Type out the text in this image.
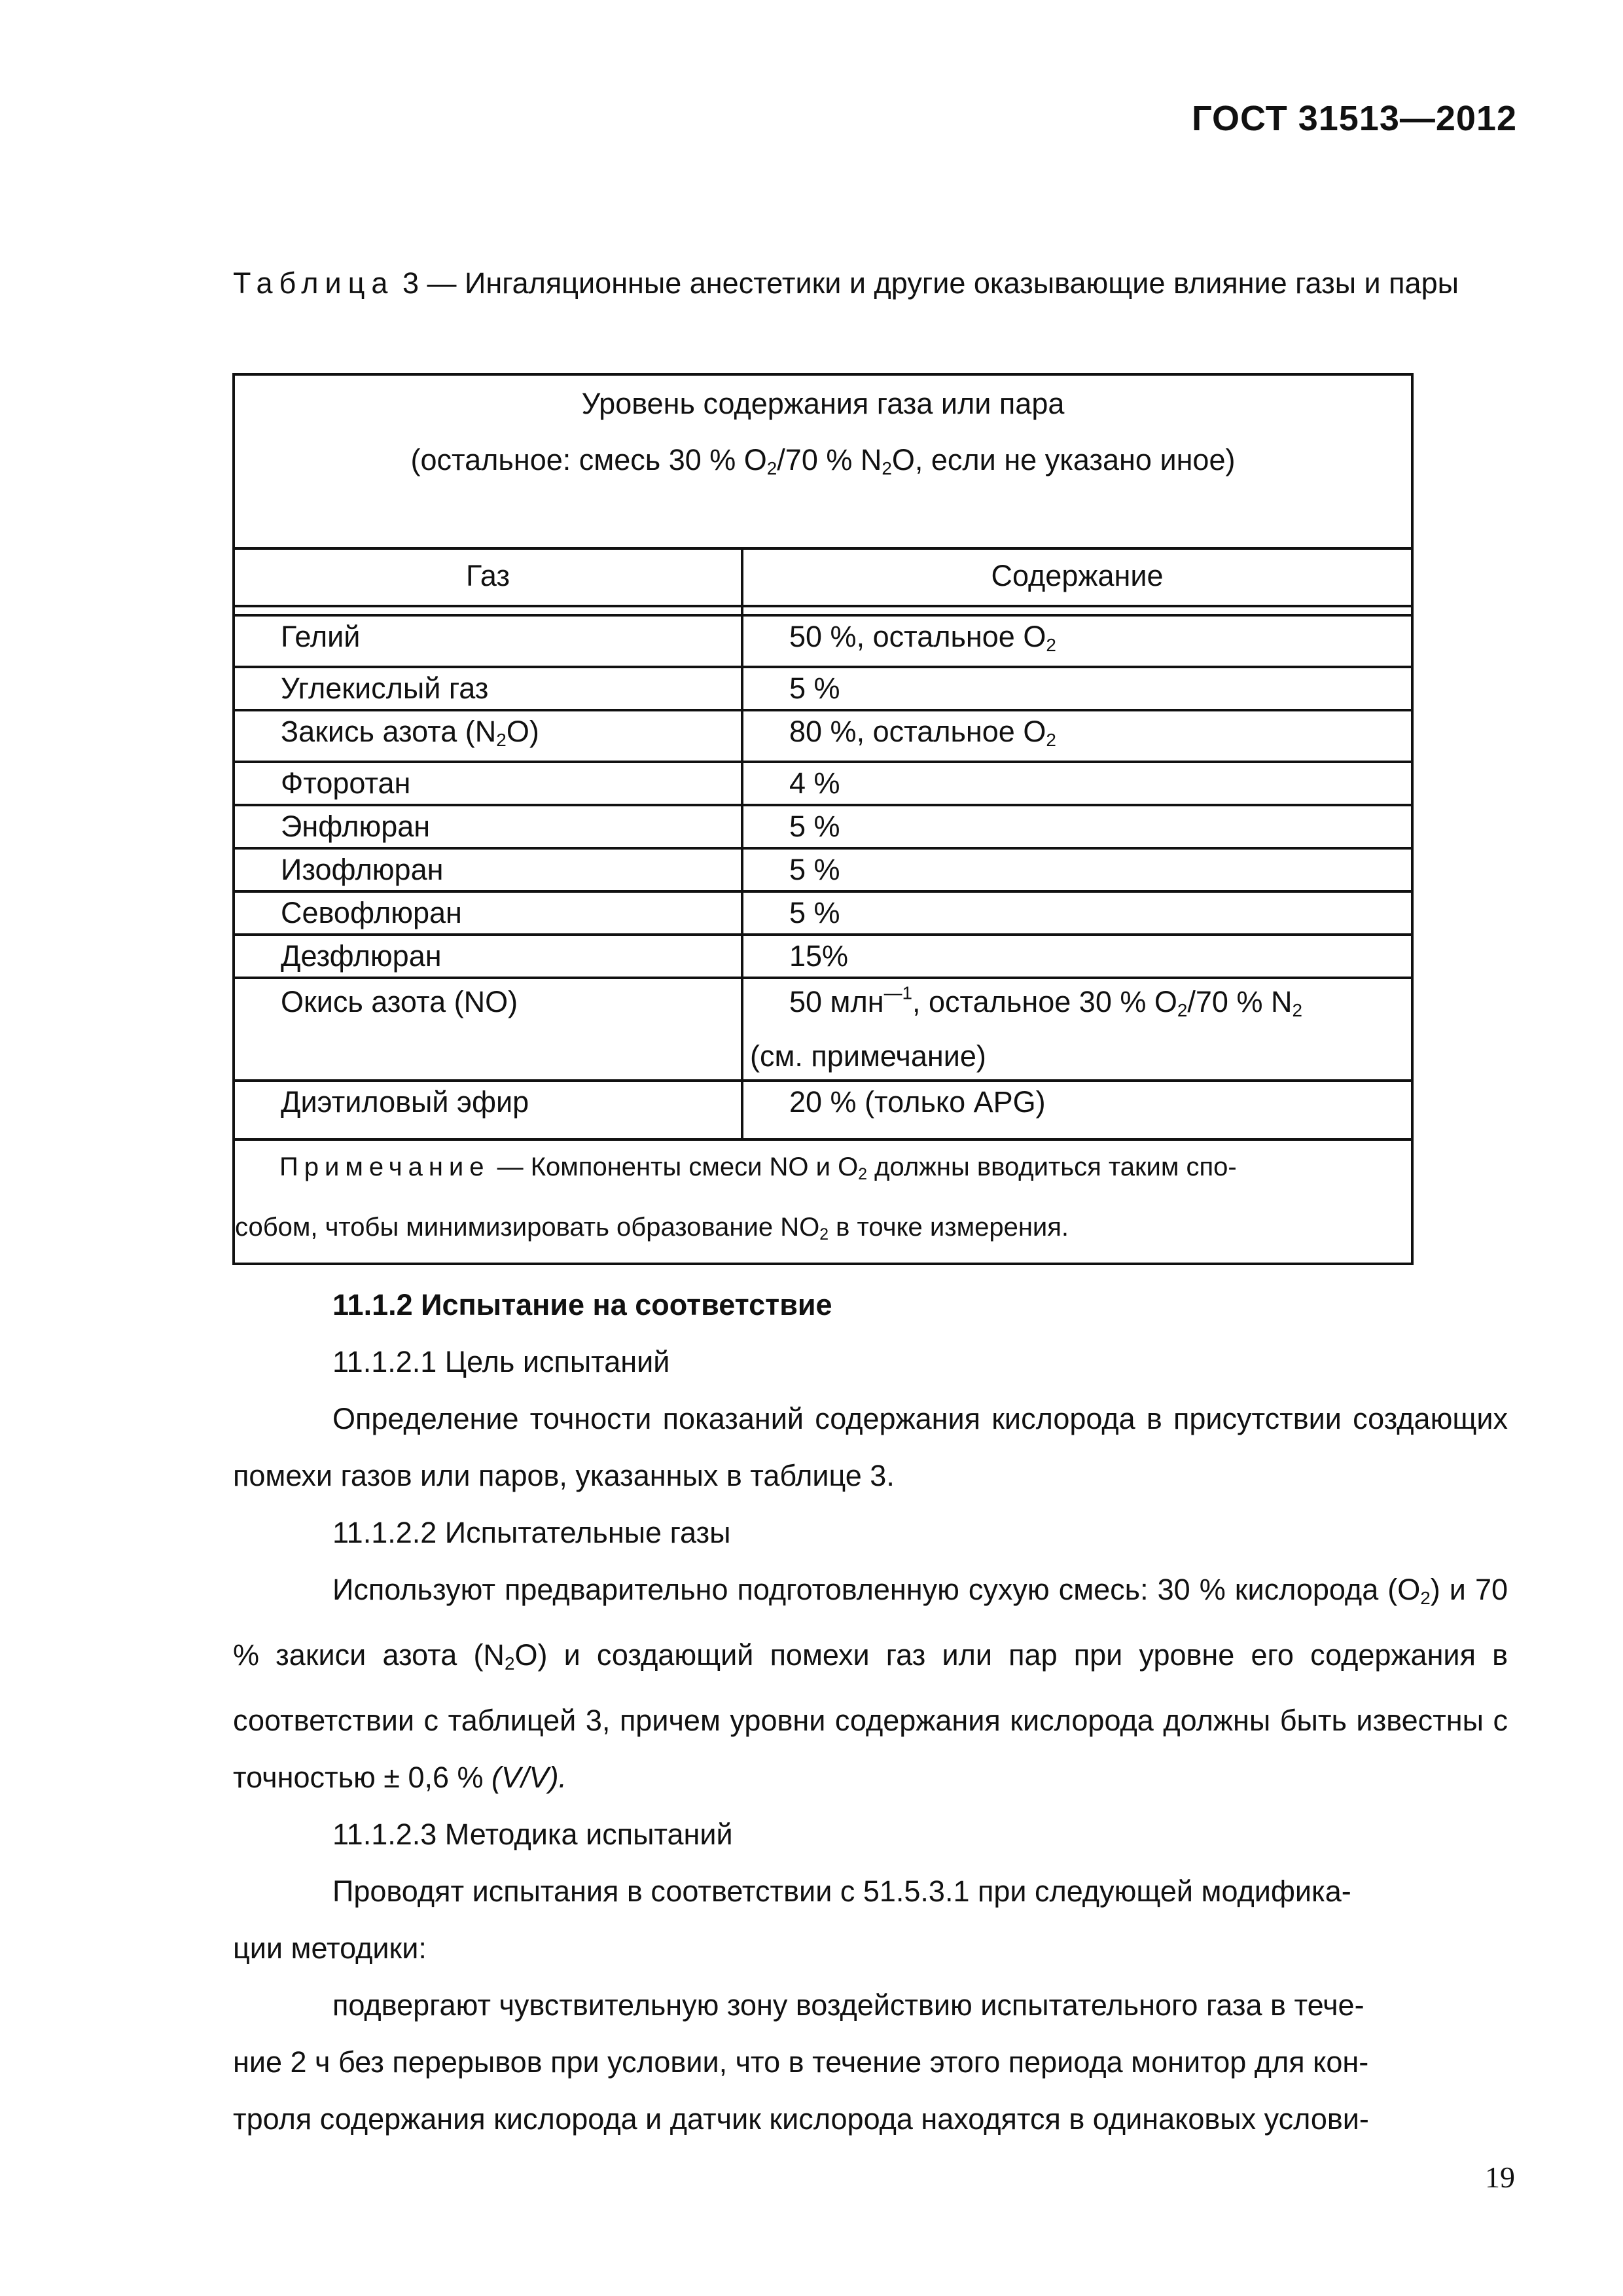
ГОСТ 31513—2012
Таблица 3 — Ингаляционные анестетики и другие оказывающие влияние газы и пары
Уровень содержания газа или пара
(остальное: смесь 30 % $O_2/70$ % $N_2O$, если не указано иное)	

Газ	Содержание

Гелий	50 %, остальное $O_2$
Углекислый газ	5 %
Закись азота $(N_2O)$	80 %, остальное $O_2$
Фторотан	4 %
Энфлюран	5 %
Изофлюран	5 %
Севофлюран	5 %
Дезфлюран	15%
Окись азота (NO)	50 млн$^{—1}$, остальное 30 % $O_2/70$ % $N_2$
(см. примечание)

Диэтиловый эфир	20 % (только APG)

Примечание — Компоненты смеси NO и $O_2$ должны вводиться таким спо-
собом, чтобы минимизировать образование $NO_2$ в точке измерения.	

11.1.2 Испытание на соответствие

11.1.2.1 Цель испытаний

Определение точности показаний содержания кислорода в присутствии создающих помехи газов или паров, указанных в таблице 3.

11.1.2.2 Испытательные газы

Используют предварительно подготовленную сухую смесь: 30 % кислорода $(O_2)$ и 70 % закиси азота $(N_2O)$ и создающий помехи газ или пар при уровне его содержания в соответствии с таблицей 3, причем уровни содержания кислорода должны быть известны с точностью ± 0,6 % (V/V).

11.1.2.3 Методика испытаний

Проводят испытания в соответствии с 51.5.3.1 при следующей модифика-

ции методики:

подвергают чувствительную зону воздействию испытательного газа в тече-

ние 2 ч без перерывов при условии, что в течение этого периода монитор для кон-

троля содержания кислорода и датчик кислорода находятся в одинаковых услови-

19
